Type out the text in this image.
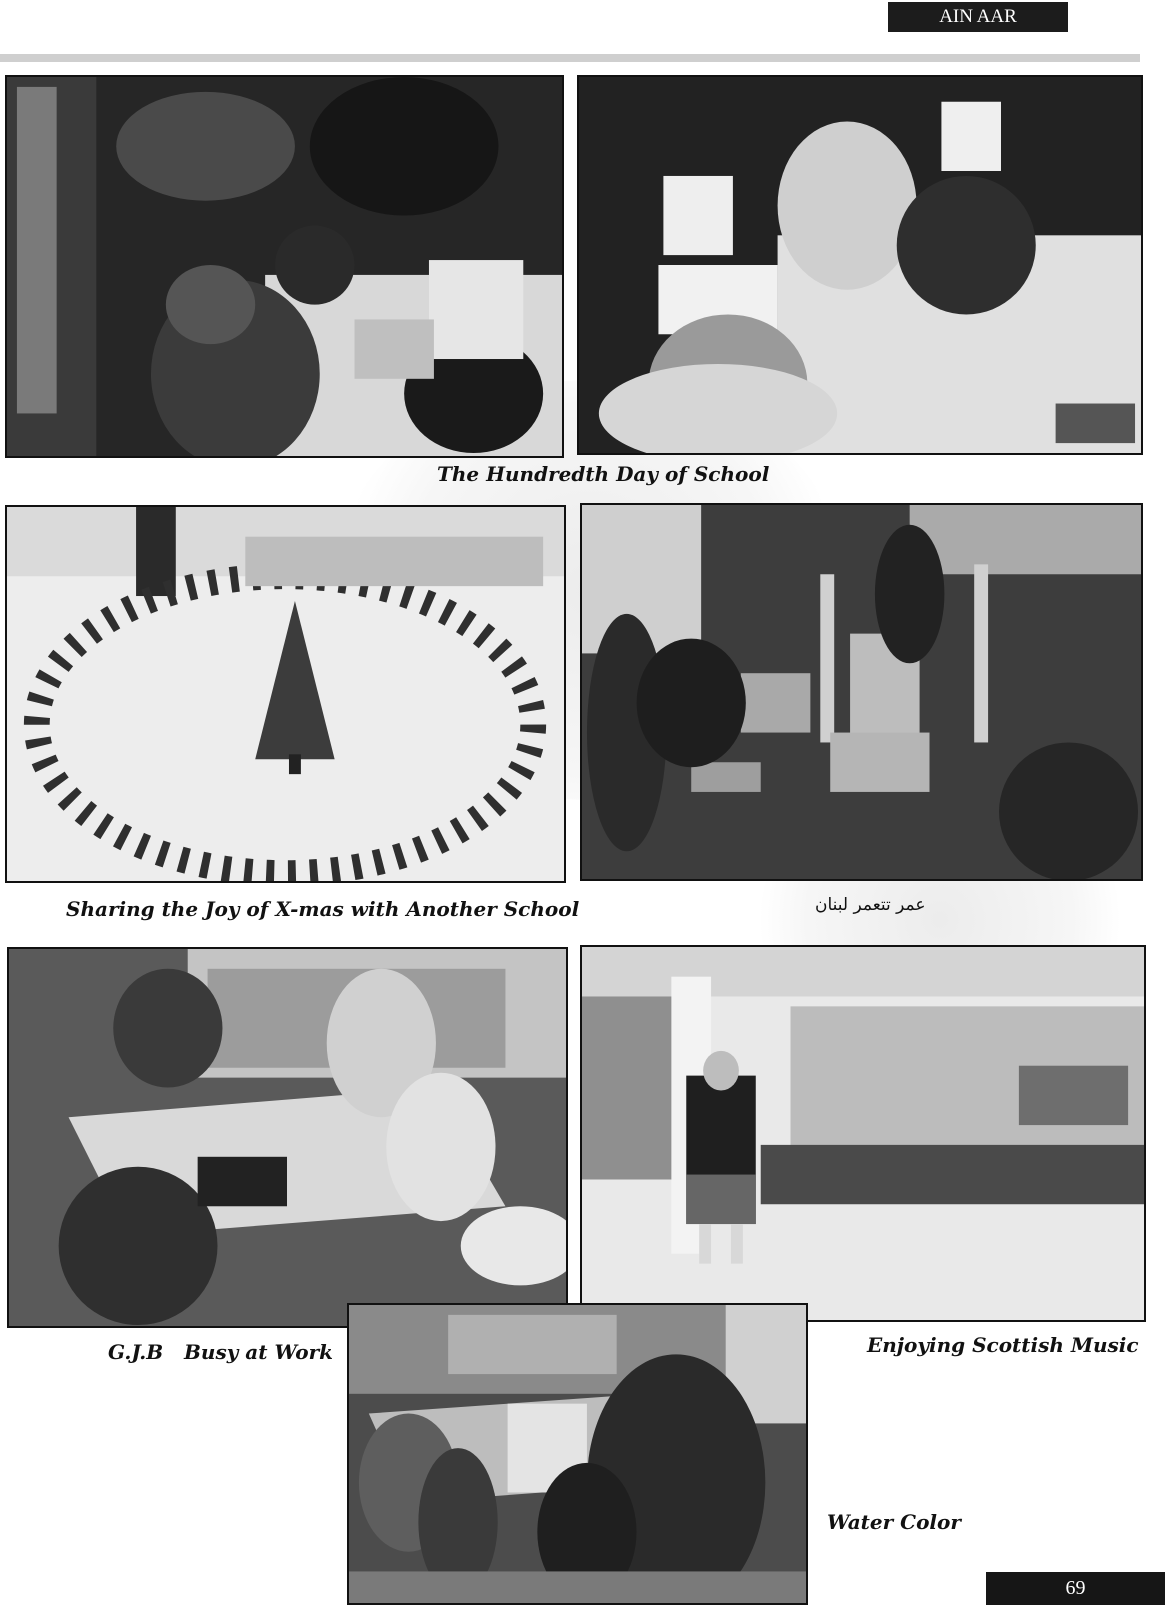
AIN AAR
The Hundredth Day of School
Sharing the Joy of X-mas with Another School	عمر تتعمر لبنان
G.J.B   Busy at Work	Enjoying Scottish Music
Water Color
69
